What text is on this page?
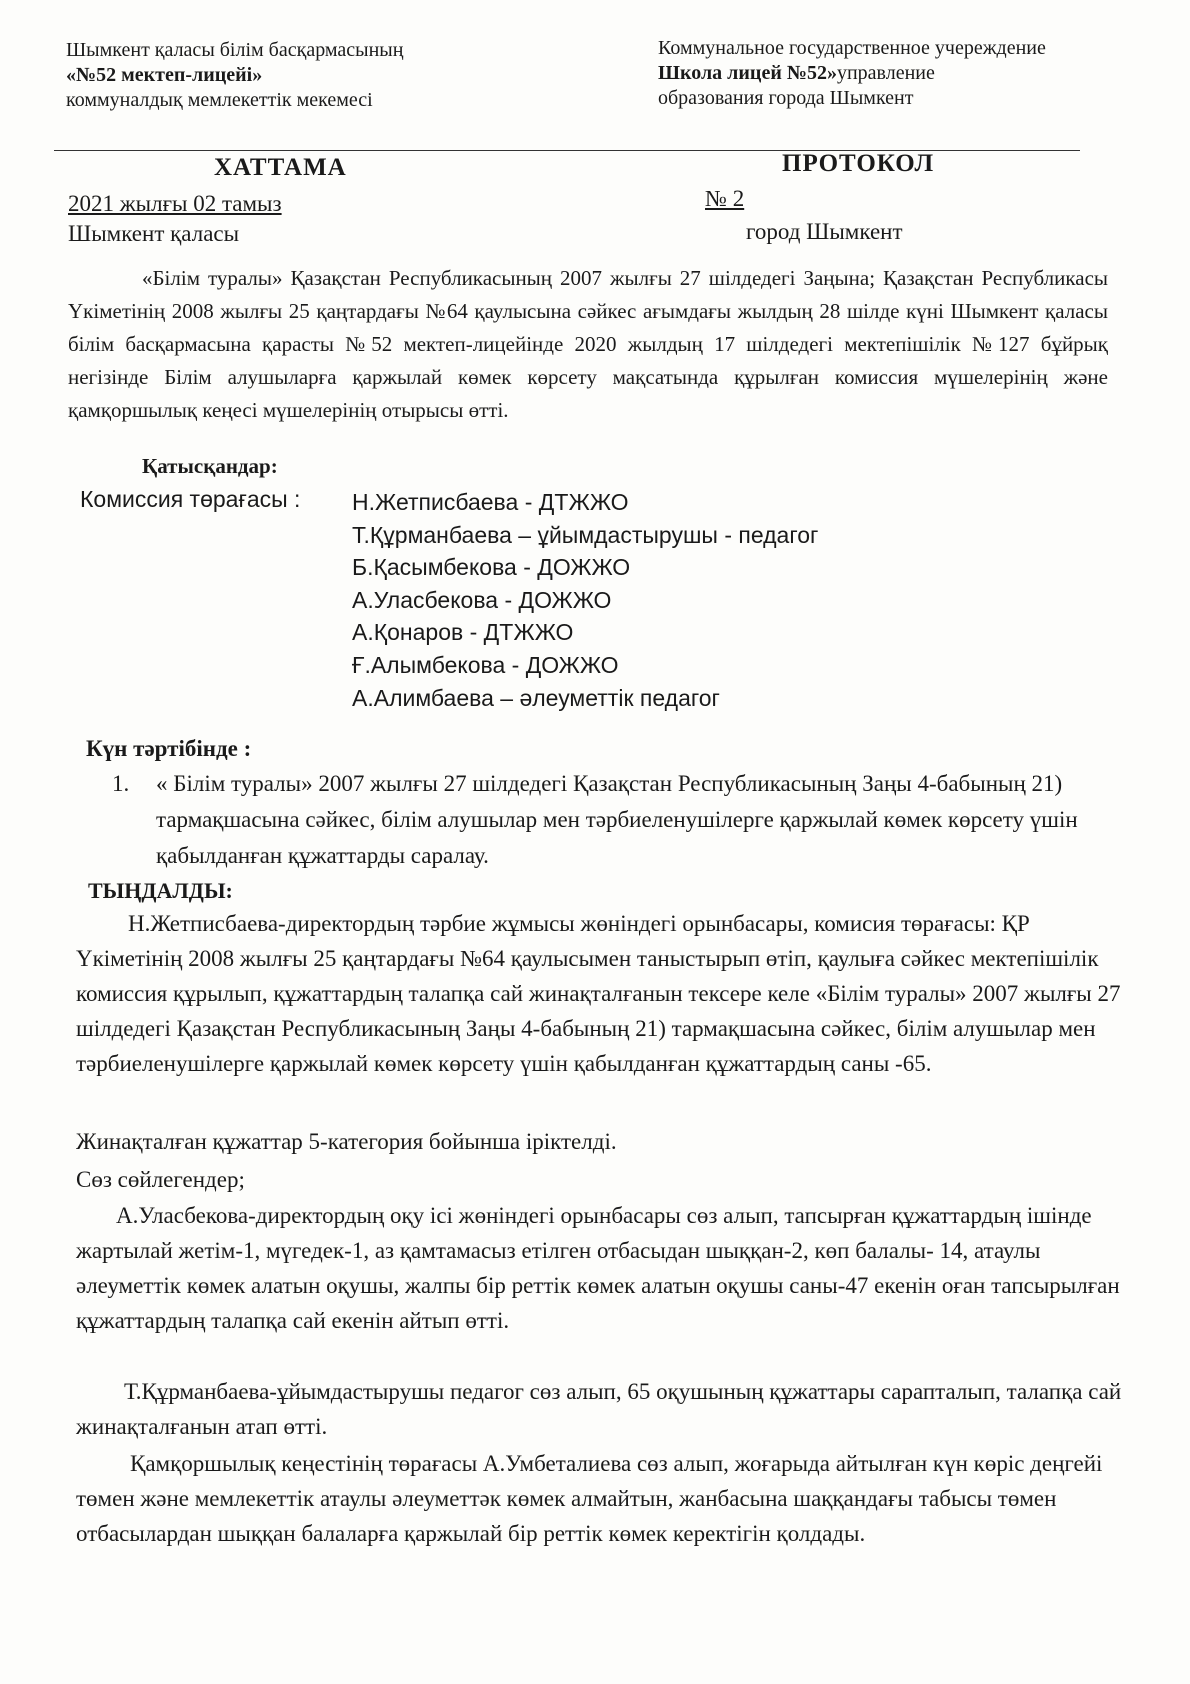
Шымкент қаласы білім басқармасының
«№52 мектеп-лицейі»
коммуналдық мемлекеттік мекемесі
Коммунальное государственное учереждение
Школа лицей №52»управление
образования города Шымкент
ХАТТАМА	ПРОТОКОЛ
2021 жылғы 02 тамыз
Шымкент қаласы
№ 2
город Шымкент

«Білім туралы» Қазақстан Республикасының 2007 жылғы 27 шілдедегі Заңына; Қазақстан Республикасы Үкіметінің 2008 жылғы 25 қаңтардағы №64 қаулысына сәйкес ағымдағы жылдың 28 шілде күні Шымкент қаласы білім басқармасына қарасты №52 мектеп-лицейінде 2020 жылдың 17 шілдедегі мектепішілік №127 бұйрық негізінде Білім алушыларға қаржылай көмек көрсету мақсатында құрылған комиссия мүшелерінің және қамқоршылық кеңесі мүшелерінің отырысы өтті.

Қатысқандар:
Комиссия төрағасы : Н.Жетписбаева - ДТЖЖО
Т.Құрманбаева – ұйымдастырушы - педагог
Б.Қасымбекова - ДОЖЖО
А.Уласбекова - ДОЖЖО
А.Қонаров - ДТЖЖО
Ғ.Алымбекова - ДОЖЖО
А.Алимбаева – әлеуметтік педагог
Күн тәртібінде :
1. « Білім туралы» 2007 жылғы 27 шілдедегі Қазақстан Республикасының Заңы 4-бабының 21) тармақшасына сәйкес, білім алушылар мен тәрбиеленушілерге қаржылай көмек көрсету үшін қабылданған құжаттарды саралау.
ТЫҢДАЛДЫ:

Н.Жетписбаева-директордың тәрбие жұмысы жөніндегі орынбасары, комисия төрағасы: ҚР Үкіметінің 2008 жылғы 25 қаңтардағы №64 қаулысымен таныстырып өтіп, қаулыға сәйкес мектепішілік комиссия құрылып, құжаттардың талапқа сай жинақталғанын тексере келе «Білім туралы» 2007 жылғы 27 шілдедегі Қазақстан Республикасының Заңы 4-бабының 21) тармақшасына сәйкес, білім алушылар мен тәрбиеленушілерге қаржылай көмек көрсету үшін қабылданған құжаттардың саны -65.

Жинақталған құжаттар 5-категория бойынша іріктелді.

Сөз сөйлегендер;

А.Уласбекова-директордың оқу ісі жөніндегі орынбасары сөз алып, тапсырған құжаттардың ішінде жартылай жетім-1, мүгедек-1, аз қамтамасыз етілген отбасыдан шыққан-2, көп балалы- 14, атаулы әлеуметтік көмек алатын оқушы, жалпы бір реттік көмек алатын оқушы саны-47 екенін оған тапсырылған құжаттардың талапқа сай екенін айтып өтті.

Т.Құрманбаева-ұйымдастырушы педагог сөз алып, 65 оқушының құжаттары сарапталып, талапқа сай жинақталғанын атап өтті.

Қамқоршылық кеңестінің төрағасы А.Умбеталиева сөз алып, жоғарыда айтылған күн көріс деңгейі төмен және мемлекеттік атаулы әлеуметтәк көмек алмайтын, жанбасына шаққандағы табысы төмен отбасылардан шыққан балаларға қаржылай бір реттік көмек керектігін қолдады.
